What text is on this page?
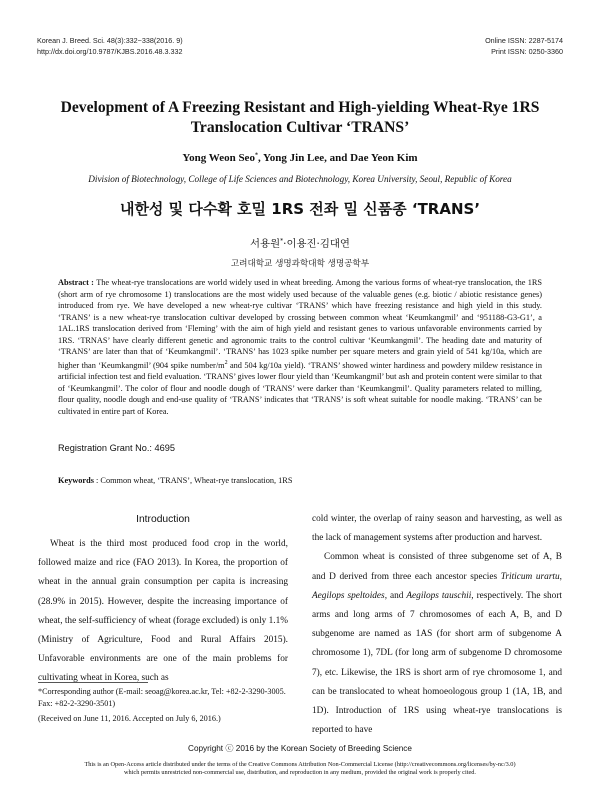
Korean J. Breed. Sci. 48(3):332~338(2016. 9)
http://dx.doi.org/10.9787/KJBS.2016.48.3.332
Online ISSN: 2287-5174
Print ISSN: 0250-3360
Development of A Freezing Resistant and High-yielding Wheat-Rye 1RS
Translocation Cultivar ‘TRANS’
Yong Weon Seo*, Yong Jin Lee, and Dae Yeon Kim
Division of Biotechnology, College of Life Sciences and Biotechnology, Korea University, Seoul, Republic of Korea
내한성 및 다수확 호밀 1RS 전좌 밀 신품종 ‘TRANS’
서용원*·이용진·김대연
고려대학교 생명과학대학 생명공학부
Abstract : The wheat-rye translocations are world widely used in wheat breeding. Among the various forms of wheat-rye translocation, the 1RS (short arm of rye chromosome 1) translocations are the most widely used because of the valuable genes (e.g. biotic / abiotic resistance genes) introduced from rye. We have developed a new wheat-rye cultivar ‘TRANS’ which have freezing resistance and high yield in this study. ‘TRANS’ is a new wheat-rye translocation cultivar developed by crossing between common wheat ‘Keumkangmil’ and ‘951188-G3-G1’, a 1AL.1RS translocation derived from ‘Fleming’ with the aim of high yield and resistant genes to various unfavorable environments carried by 1RS. ‘TRNAS’ have clearly different genetic and agronomic traits to the control cultivar ‘Keumkangmil’. The heading date and maturity of ‘TRANS’ are later than that of ‘Keumkangmil’. ‘TRANS’ has 1023 spike number per square meters and grain yield of 541 kg/10a, which are higher than ‘Keumkangmil’ (904 spike number/$m^2$ and 504 kg/10a yield). ‘TRANS’ showed winter hardiness and powdery mildew resistance in artificial infection test and field evaluation. ‘TRANS’ gives lower flour yield than ‘Keumkangmil’ but ash and protein content were similar to that of ‘Keumkangmil’. The color of flour and noodle dough of ‘TRANS’ were darker than ‘Keumkangmil’. Quality parameters related to milling, flour quality, noodle dough and end-use quality of ‘TRANS’ indicates that ‘TRANS’ is soft wheat suitable for noodle making. ‘TRANS’ can be cultivated in entire part of Korea.
Registration Grant No.: 4695
Keywords : Common wheat, ‘TRANS’, Wheat-rye translocation, 1RS
Introduction

Wheat is the third most produced food crop in the world, followed maize and rice (FAO 2013). In Korea, the proportion of wheat in the annual grain consumption per capita is increasing (28.9% in 2015). However, despite the increasing importance of wheat, the self-sufficiency of wheat (forage excluded) is only 1.1% (Ministry of Agriculture, Food and Rural Affairs 2015). Unfavorable environments are one of the main problems for cultivating wheat in Korea, such as

cold winter, the overlap of rainy season and harvesting, as well as the lack of management systems after production and harvest.

Common wheat is consisted of three subgenome set of A, B and D derived from three each ancestor species Triticum urartu, Aegilops speltoides, and Aegilops tauschii, respectively. The short arms and long arms of 7 chromosomes of each A, B, and D subgenome are named as 1AS (for short arm of subgenome A chromosome 1), 7DL (for long arm of subgenome D chromosome 7), etc. Likewise, the 1RS is short arm of rye chromosome 1, and can be translocated to wheat homoeologous group 1 (1A, 1B, and 1D). Introduction of 1RS using wheat-rye translocations is reported to have

*Corresponding author (E-mail: seoag@korea.ac.kr, Tel: +82-2-3290-3005. Fax: +82-2-3290-3501)
(Received on June 11, 2016. Accepted on July 6, 2016.)
Copyright ⓒ 2016 by the Korean Society of Breeding Science
This is an Open-Access article distributed under the terms of the Creative Commons Attribution Non-Commercial License (http://creativecommons.org/licenses/by-nc/3.0)
which permits unrestricted non-commercial use, distribution, and reproduction in any medium, provided the original work is properly cited.
